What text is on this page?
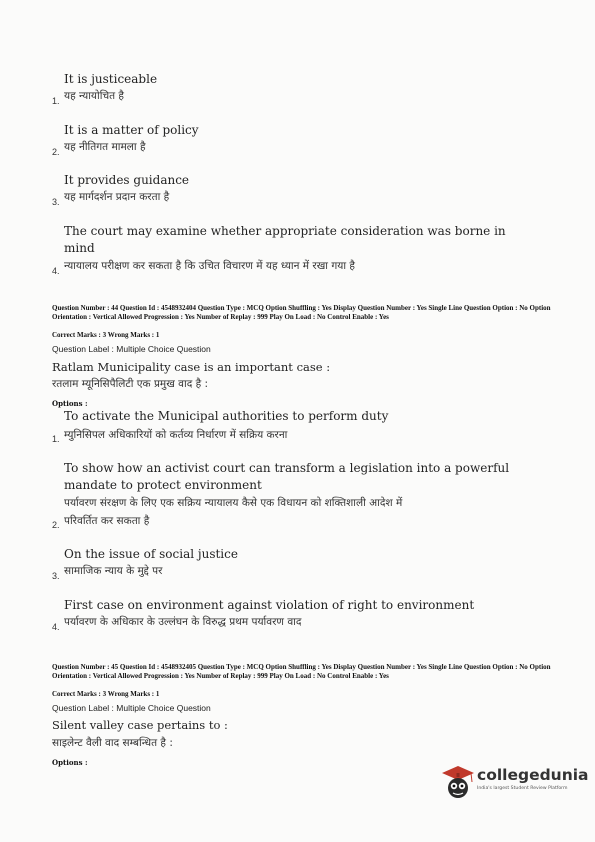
It is justiceable
1. यह न्यायोचित है
It is a matter of policy
2. यह नीतिगत मामला है
It provides guidance
3. यह मार्गदर्शन प्रदान करता है
The court may examine whether appropriate consideration was borne in
mind
4. न्यायालय परीक्षण कर सकता है कि उचित विचारण में यह ध्यान में रखा गया है
Question Number : 44 Question Id : 4548932404 Question Type : MCQ Option Shuffling : Yes Display Question Number : Yes Single Line Question Option : No Option Orientation : Vertical Allowed Progression : Yes Number of Replay : 999 Play On Load : No Control Enable : Yes
Correct Marks : 3 Wrong Marks : 1
Question Label : Multiple Choice Question
Ratlam Municipality case is an important case :
रतलाम म्यूनिसिपैलिटी एक प्रमुख वाद है :
Options :
To activate the Municipal authorities to perform duty
1. म्युनिसिपल अधिकारियों को कर्तव्य निर्धारण में सक्रिय करना
To show how an activist court can transform a legislation into a powerful
mandate to protect environment
पर्यावरण संरक्षण के लिए एक सक्रिय न्यायालय कैसे एक विधायन को शक्तिशाली आदेश में
2. परिवर्तित कर सकता है
On the issue of social justice
3. सामाजिक न्याय के मुद्दे पर
First case on environment against violation of right to environment
4. पर्यावरण के अधिकार के उल्लंघन के विरुद्ध प्रथम पर्यावरण वाद
Question Number : 45 Question Id : 4548932405 Question Type : MCQ Option Shuffling : Yes Display Question Number : Yes Single Line Question Option : No Option Orientation : Vertical Allowed Progression : Yes Number of Replay : 999 Play On Load : No Control Enable : Yes
Correct Marks : 3 Wrong Marks : 1
Question Label : Multiple Choice Question
Silent valley case pertains to :
साइलेन्ट वैली वाद सम्बन्धित है :
Options :
collegedunia
India's largest Student Review Platform
